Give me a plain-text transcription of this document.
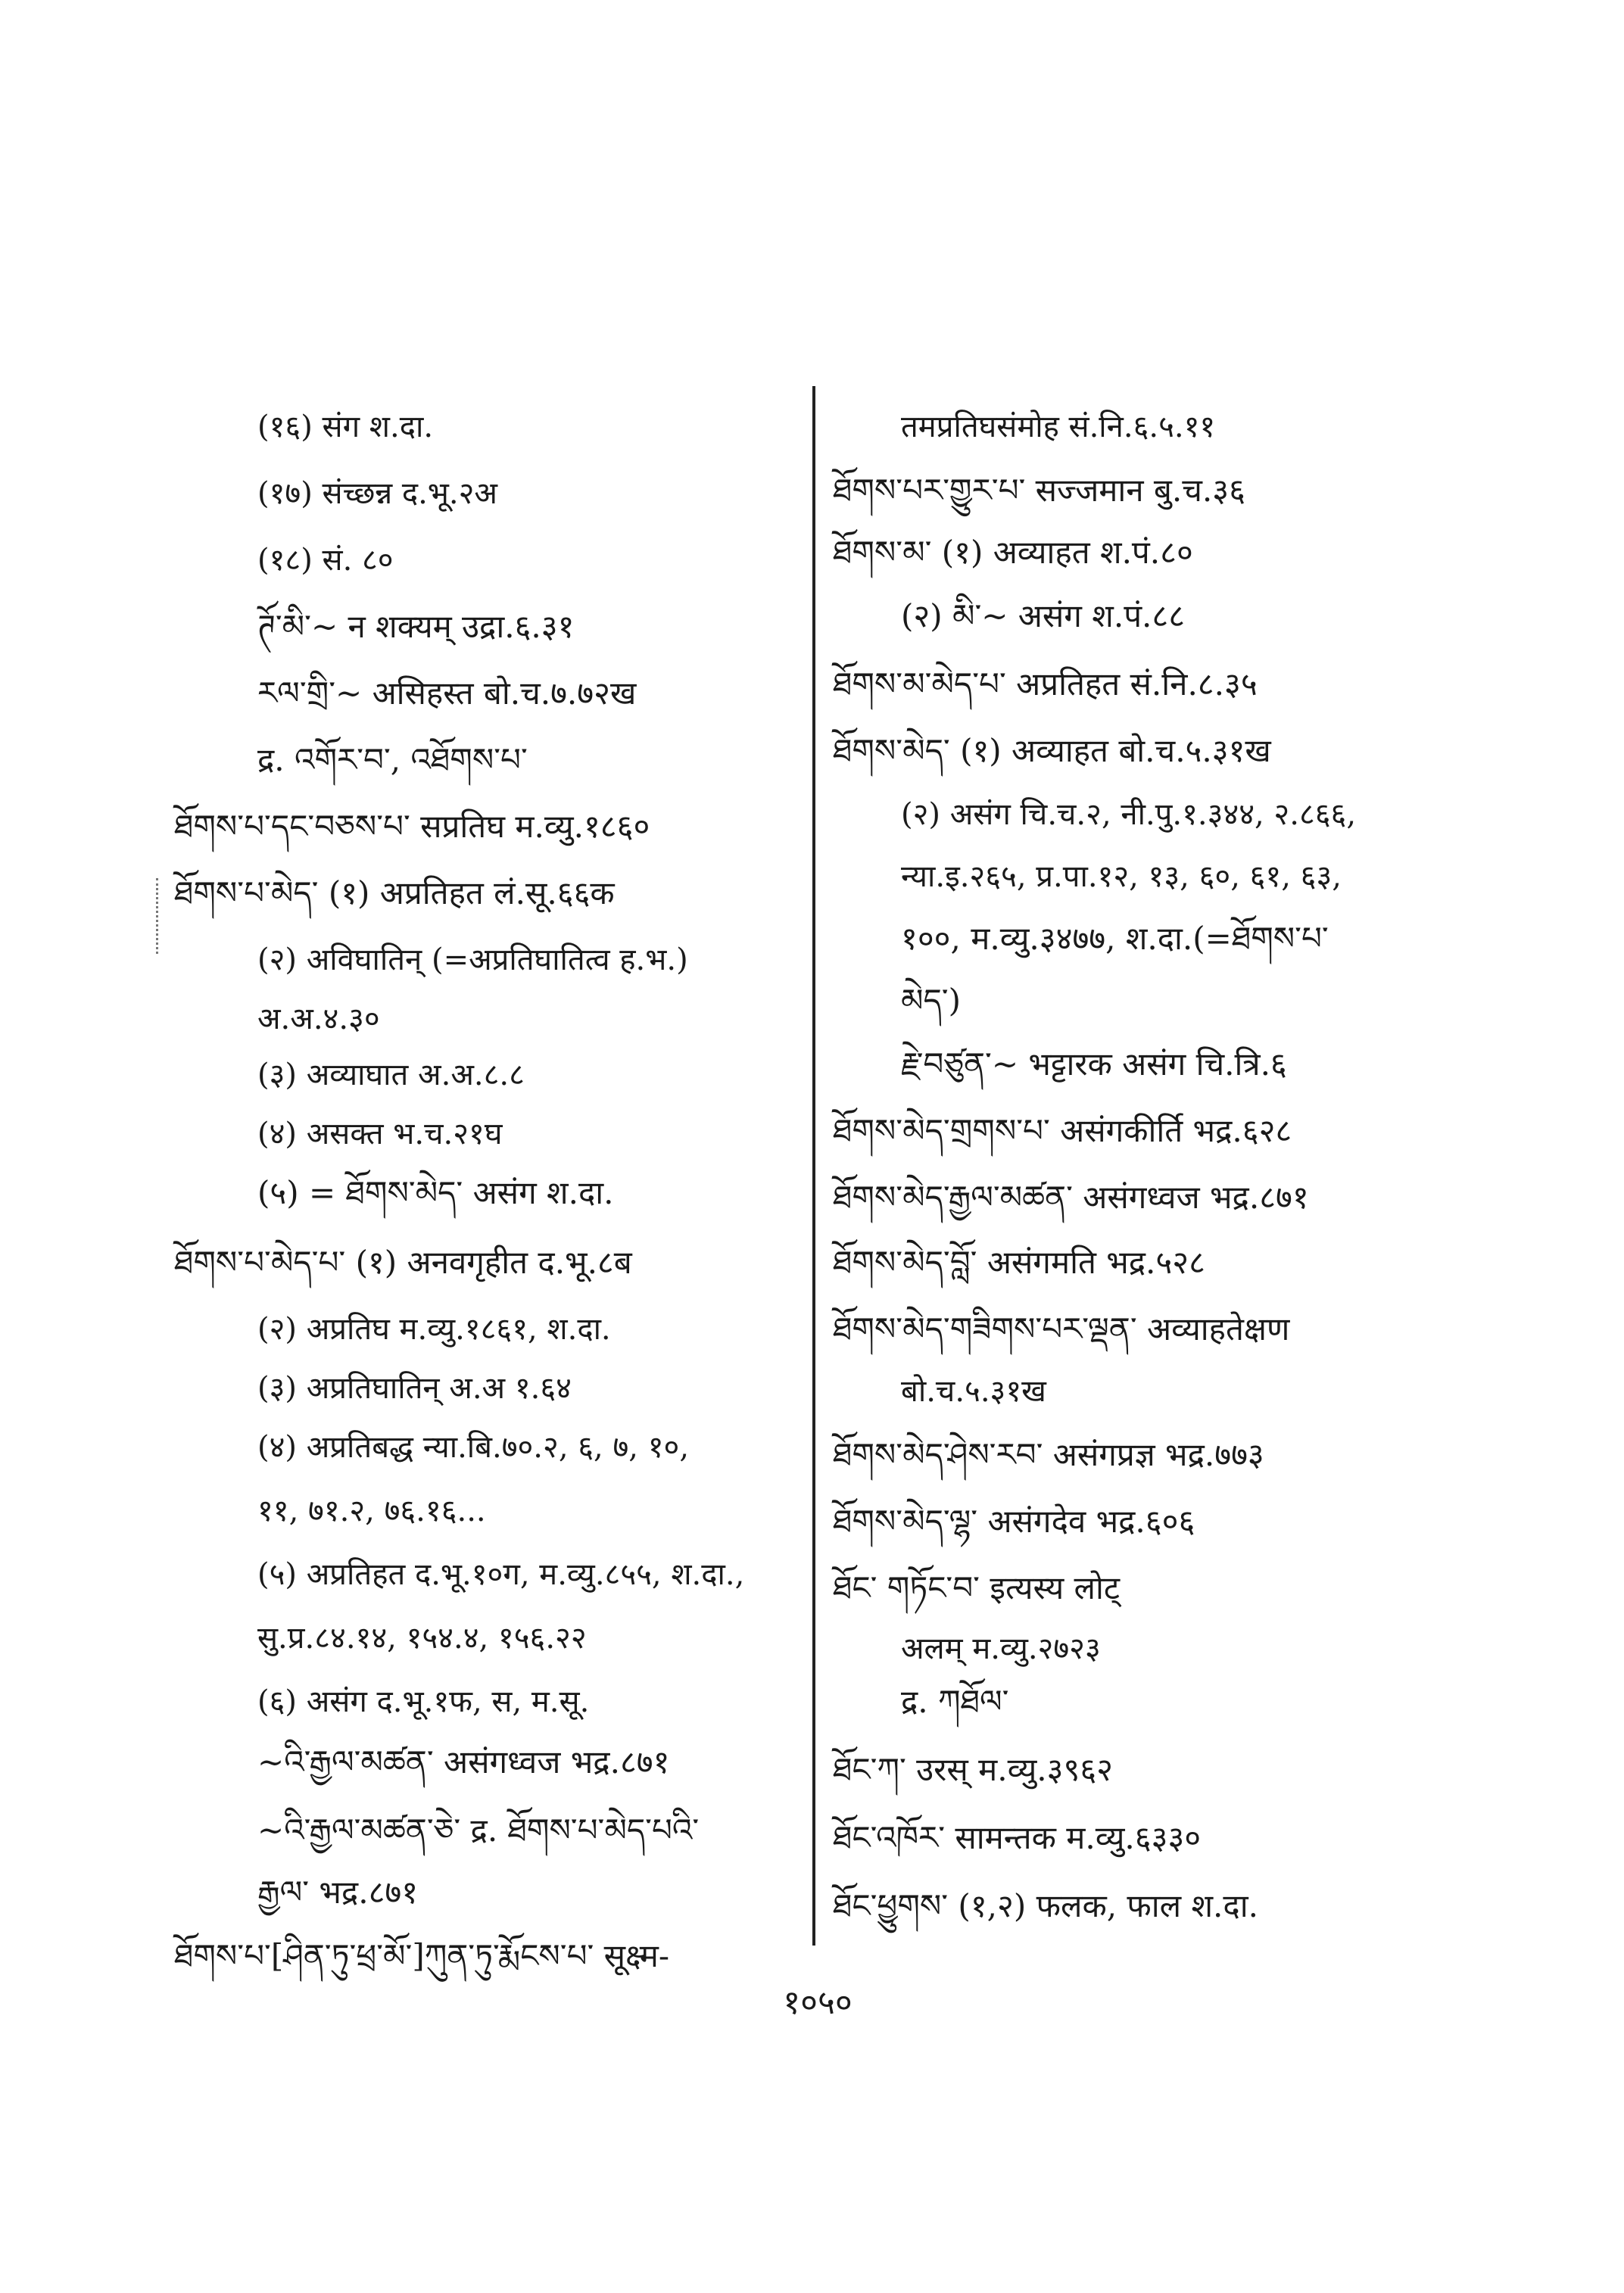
(१६) संग श.दा.
(१७) संच्छन्न द.भू.२अ
(१८) सं. ८०
ཊོ་མི་~ न शक्यम् उद्रा.६.३१
རལ་གྲི་~ असिहस्त बो.च.७.७२ख
द्र. འགོར་བ་, འཐོགས་པ་
ཐོགས་པ་དང་བཅས་པ་ सप्रतिघ म.व्यु.१८६०
ཐོགས་པ་མེད་ (१) अप्रतिहत लं.सू.६६क
(२) अविघातिन् (=अप्रतिघातित्व ह.भ.)
अ.अ.४.३०
(३) अव्याघात अ.अ.८.८
(४) असक्त भ.च.२१घ
(५) = ཐོགས་མེད་ असंग श.दा.
ཐོགས་པ་མེད་པ་ (१) अनवगृहीत द.भू.८ब
(२) अप्रतिघ म.व्यु.१८६१, श.दा.
(३) अप्रतिघातिन् अ.अ १.६४
(४) अप्रतिबद्ध न्या.बि.७०.२, ६, ७, १०,
११, ७१.२, ७६.१६...
(५) अप्रतिहत द.भू.१०ग, म.व्यु.८५५, श.दा.,
सु.प्र.८४.१४, १५४.४, १५६.२२
(६) असंग द.भू.१फ, स, म.सू.
~འི་རྒྱལ་མཚན་ असंगध्वज भद्र.८७१
~འི་རྒྱལ་མཚན་ཅེ་ द्र. ཐོགས་པ་མེད་པའི་
རྒྱལ་ भद्र.८७१
ཐོགས་པ་[ཤིན་ཏུ་ཕྲ་མོ་]ཀུན་ཏུ་རྨོངས་པ་ सूक्ष्म-
तमप्रतिघसंमोह सं.नि.६.५.११
ཐོགས་པར་གྱུར་པ་ सज्जमान बु.च.३६
ཐོགས་མ་ (१) अव्याहत श.पं.८०
(२) མི་~ असंग श.पं.८८
ཐོགས་མ་མེད་པ་ अप्रतिहत सं.नि.८.३५
ཐོགས་མེད་ (१) अव्याहत बो.च.५.३१ख
(२) असंग चि.च.२, नी.पु.१.३४४, २.८६६,
न्या.इ.२६५, प्र.पा.१२, १३, ६०, ६१, ६३,
१००, म.व्यु.३४७७, श.दा.(=ཐོགས་པ་
མེད་)
རྗེ་བཙུན་~ भट्टारक असंग चि.त्रि.६
ཐོགས་མེད་གྲགས་པ་ असंगकीर्ति भद्र.६२८
ཐོགས་མེད་རྒྱལ་མཚན་ असंगध्वज भद्र.८७१
ཐོགས་མེད་བློ་ असंगमति भद्र.५२८
ཐོགས་མེད་གཟིགས་པར་ལྡན་ अव्याहतेक्षण
बो.च.५.३१ख
ཐོགས་མེད་ཤེས་རབ་ असंगप्रज्ञ भद्र.७७३
ཐོགས་མེད་ལྷ་ असंगदेव भद्र.६०६
ཐོང་ གཏོང་བ་ इत्यस्य लोट्
अलम् म.व्यु.२७२३
द्र. ཀཐོལ་
ཐོང་ཀ་ उरस् म.व्यु.३९६२
ཐོང་འཁོར་ सामन्तक म.व्यु.६३३०
ཐོང་ཕྱུགས་ (१,२) फलक, फाल श.दा.
१०५०
